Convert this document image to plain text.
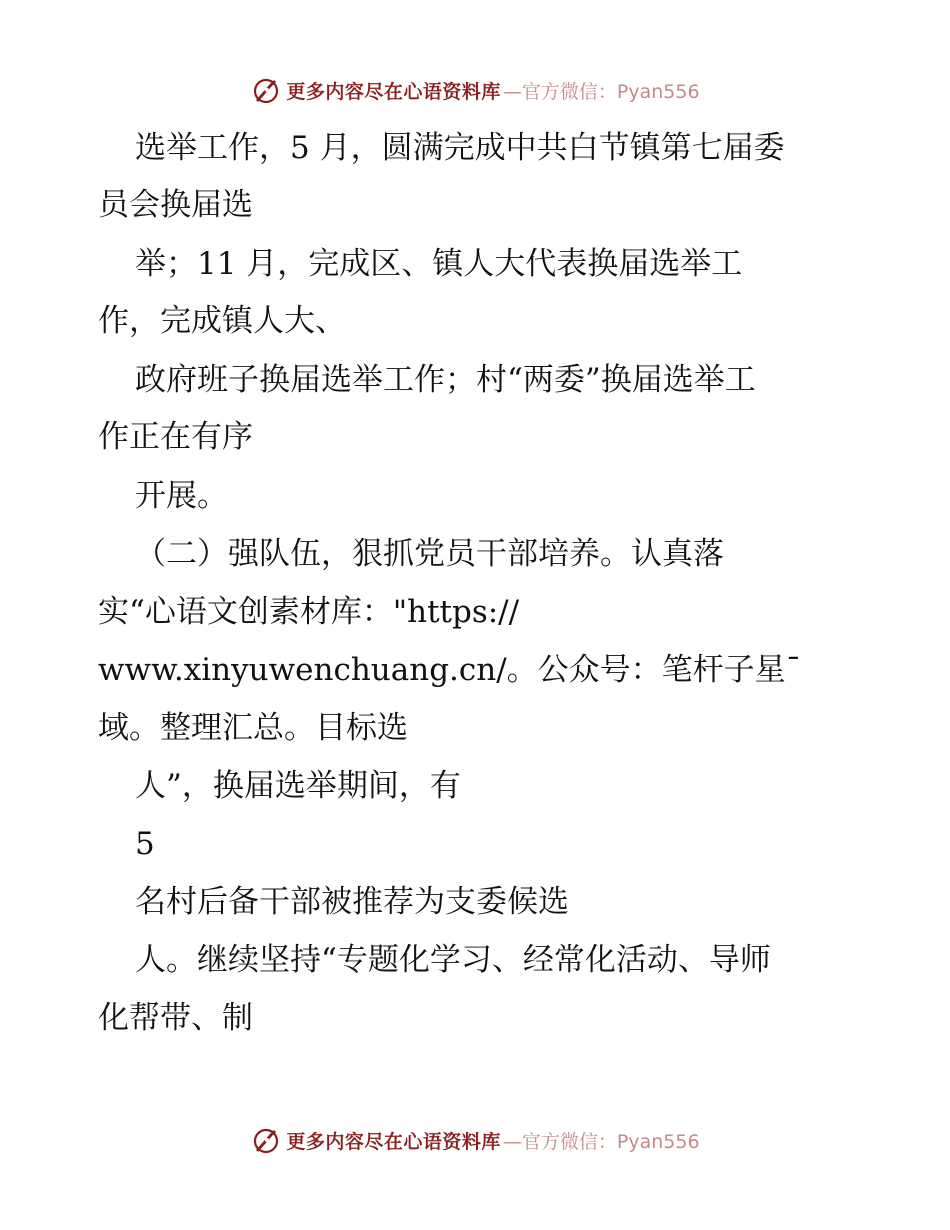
更多内容尽在心语资料库 —官方微信：Pyan556
选举工作，5 月，圆满完成中共白节镇第七届委
员会换届选
举；11 月，完成区、镇人大代表换届选举工
作，完成镇人大、
政府班子换届选举工作；村“两委”换届选举工
作正在有序
开展。
（二）强队伍，狠抓党员干部培养。认真落
实“心语文创素材库："https://
www.xinyuwenchuang.cn/。公众号：笔杆子星¯
域。整理汇总。目标选
人”，换届选举期间，有
5
名村后备干部被推荐为支委候选
人。继续坚持“专题化学习、经常化活动、导师
化帮带、制
更多内容尽在心语资料库 —官方微信：Pyan556
